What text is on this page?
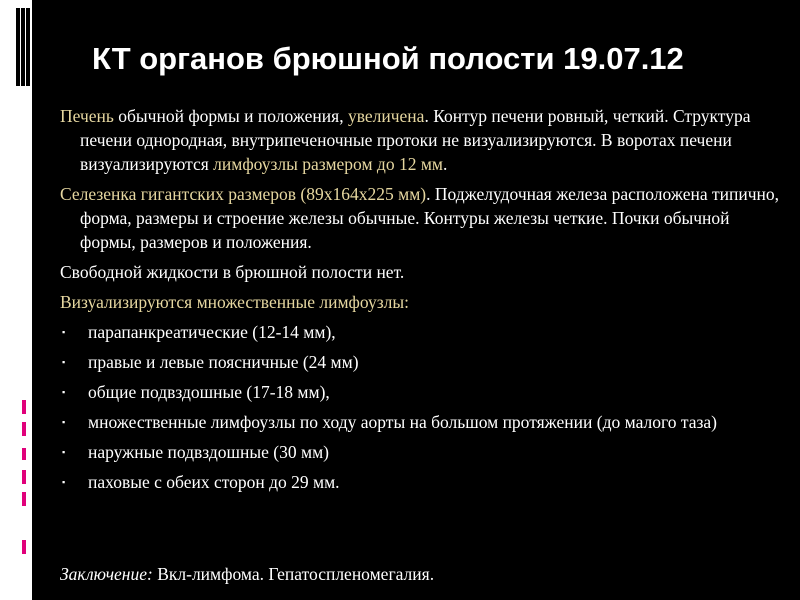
КТ органов брюшной полости 19.07.12

Печень обычной формы и положения, увеличена. Контур печени ровный, четкий. Структура печени однородная, внутрипеченочные протоки не визуализируются. В воротах печени визуализируются лимфоузлы размером до 12 мм.

Селезенка гигантских размеров (89х164х225 мм). Поджелудочная железа расположена типично, форма, размеры и строение железы обычные. Контуры железы четкие. Почки обычной формы, размеров и положения.

Свободной жидкости в брюшной полости нет.

Визуализируются множественные лимфоузлы:

▪ парапанкреатические (12-14 мм),
▪ правые и левые поясничные (24 мм)
▪ общие подвздошные (17-18 мм),
▪ множественные лимфоузлы по ходу аорты на большом протяжении (до малого таза)
▪ наружные подвздошные (30 мм)
▪ паховые с обеих сторон до 29 мм.
Заключение: Вкл-лимфома. Гепатоспленомегалия.
